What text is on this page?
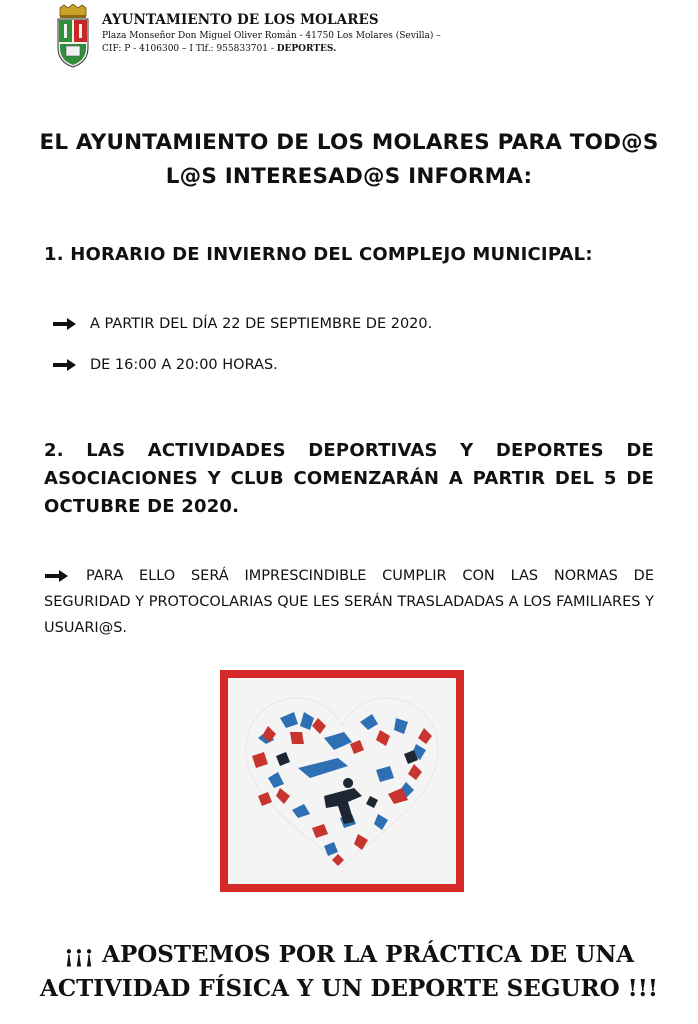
AYUNTAMIENTO DE LOS MOLARES
Plaza Monseñor Don Miguel Oliver Román - 41750 Los Molares (Sevilla) –
CIF: P - 4106300 – I Tlf.: 955833701 - DEPORTES.
EL AYUNTAMIENTO DE LOS MOLARES PARA TOD@S
L@S INTERESAD@S INFORMA:
1. HORARIO DE INVIERNO DEL COMPLEJO MUNICIPAL:
A PARTIR DEL DÍA 22 DE SEPTIEMBRE DE 2020.
DE 16:00 A 20:00 HORAS.
2. LAS ACTIVIDADES DEPORTIVAS Y DEPORTES DE ASOCIACIONES Y CLUB COMENZARÁN A PARTIR DEL 5 DE OCTUBRE DE 2020.
PARA ELLO SERÁ IMPRESCINDIBLE CUMPLIR CON LAS NORMAS DE SEGURIDAD Y PROTOCOLARIAS QUE LES SERÁN TRASLADADAS A LOS FAMILIARES Y USUARI@S.
¡¡¡ APOSTEMOS POR LA PRÁCTICA DE UNA
ACTIVIDAD FÍSICA Y UN DEPORTE SEGURO !!!
